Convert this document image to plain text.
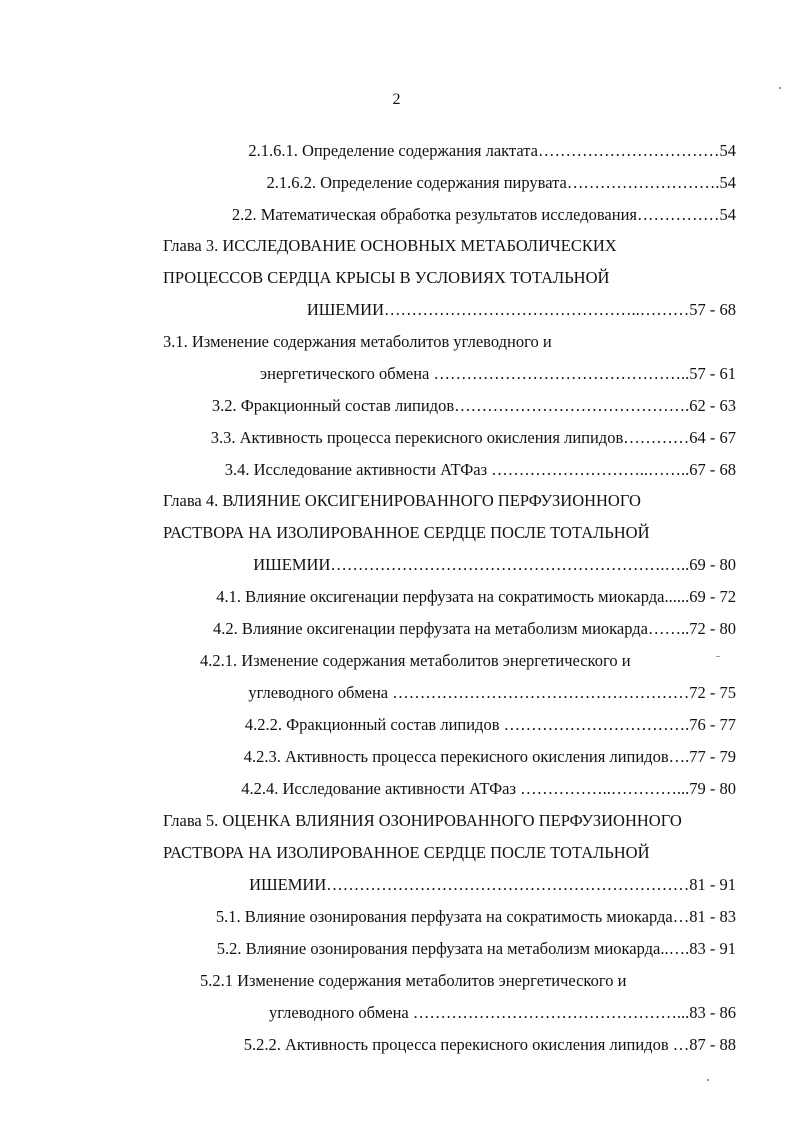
2
2.1.6.1. Определение содержания лактата……………………………54
2.1.6.2. Определение содержания пирувата……………………….54
2.2. Математическая обработка результатов исследования……………54
Глава 3. ИССЛЕДОВАНИЕ ОСНОВНЫХ МЕТАБОЛИЧЕСКИХ
ПРОЦЕССОВ СЕРДЦА КРЫСЫ В УСЛОВИЯХ ТОТАЛЬНОЙ
ИШЕМИИ………………………………………..………57 - 68
3.1. Изменение содержания метаболитов углеводного и
энергетического обмена ………………………………………..57 - 61
3.2. Фракционный состав липидов…………………………………….62 - 63
3.3. Активность процесса перекисного окисления липидов…………64 - 67
3.4. Исследование активности АТФаз ………………………..……..67 - 68
Глава 4. ВЛИЯНИЕ ОКСИГЕНИРОВАННОГО ПЕРФУЗИОННОГО
РАСТВОРА НА ИЗОЛИРОВАННОЕ СЕРДЦЕ ПОСЛЕ ТОТАЛЬНОЙ
ИШЕМИИ…………………………………………………….…..69 - 80
4.1. Влияние оксигенации перфузата на сократимость миокарда......69 - 72
4.2. Влияние оксигенации перфузата на метаболизм миокарда……..72 - 80
4.2.1. Изменение содержания метаболитов энергетического и
углеводного обмена ………………………………………………72 - 75
4.2.2. Фракционный состав липидов …………………………….76 - 77
4.2.3. Активность процесса перекисного окисления липидов….77 - 79
4.2.4. Исследование активности АТФаз ……………..…………...79 - 80
Глава 5. ОЦЕНКА ВЛИЯНИЯ ОЗОНИРОВАННОГО ПЕРФУЗИОННОГО
РАСТВОРА НА ИЗОЛИРОВАННОЕ СЕРДЦЕ ПОСЛЕ ТОТАЛЬНОЙ
ИШЕМИИ…………………………………………………………81 - 91
5.1. Влияние озонирования перфузата на сократимость миокарда…81 - 83
5.2. Влияние озонирования перфузата на метаболизм миокарда..….83 - 91
5.2.1 Изменение содержания метаболитов энергетического и
углеводного обмена …………………………………………...83 - 86
5.2.2. Активность процесса перекисного окисления липидов …87 - 88
